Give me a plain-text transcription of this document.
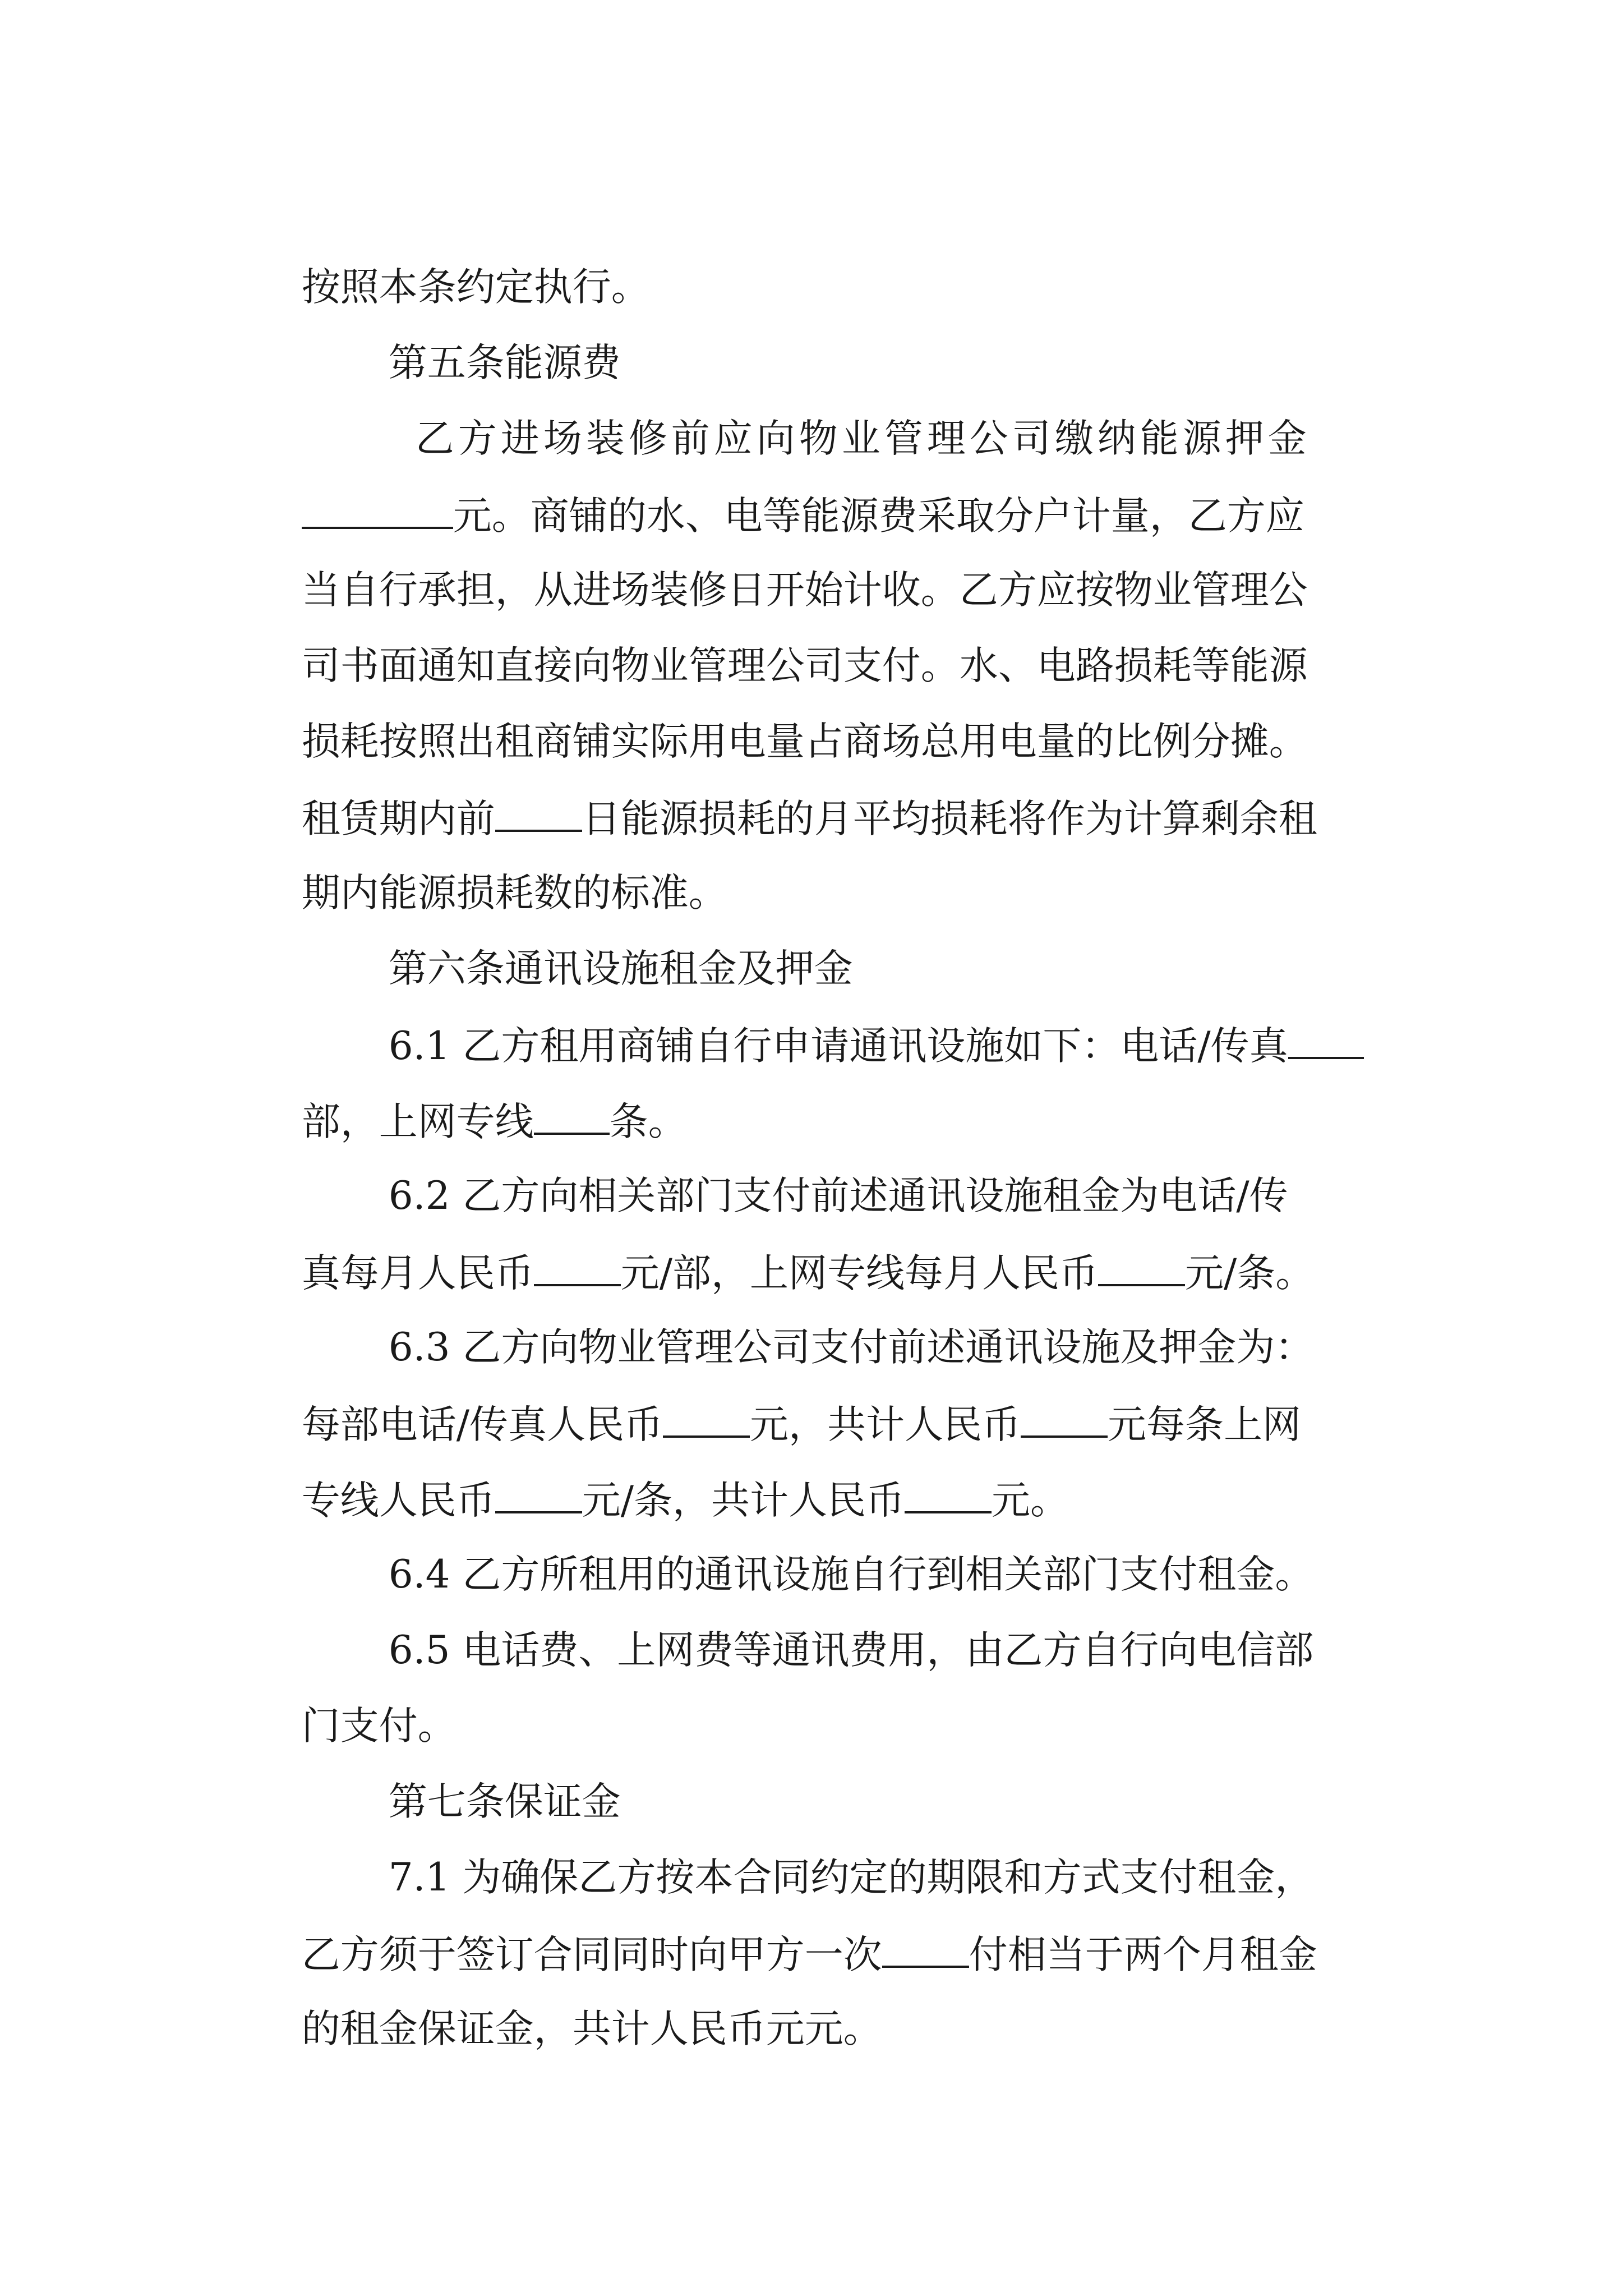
按照本条约定执行。

第五条能源费

乙方进场装修前应向物业管理公司缴纳能源押金

元。商铺的水、电等能源费采取分户计量，乙方应

当自行承担，从进场装修日开始计收。乙方应按物业管理公

司书面通知直接向物业管理公司支付。水、电路损耗等能源

损耗按照出租商铺实际用电量占商场总用电量的比例分摊。

租赁期内前 日能源损耗的月平均损耗将作为计算剩余租

期内能源损耗数的标准。

第六条通讯设施租金及押金

6.1 乙方租用商铺自行申请通讯设施如下：电话/传真

部，上网专线 条。

6.2 乙方向相关部门支付前述通讯设施租金为电话/传

真每月人民币 元/部，上网专线每月人民币 元/条。

6.3 乙方向物业管理公司支付前述通讯设施及押金为：

每部电话/传真人民币 元，共计人民币 元每条上网

专线人民币 元/条，共计人民币 元。

6.4 乙方所租用的通讯设施自行到相关部门支付租金。

6.5 电话费、上网费等通讯费用，由乙方自行向电信部

门支付。

第七条保证金

7.1 为确保乙方按本合同约定的期限和方式支付租金，

乙方须于签订合同同时向甲方一次 付相当于两个月租金

的租金保证金，共计人民币元元。
